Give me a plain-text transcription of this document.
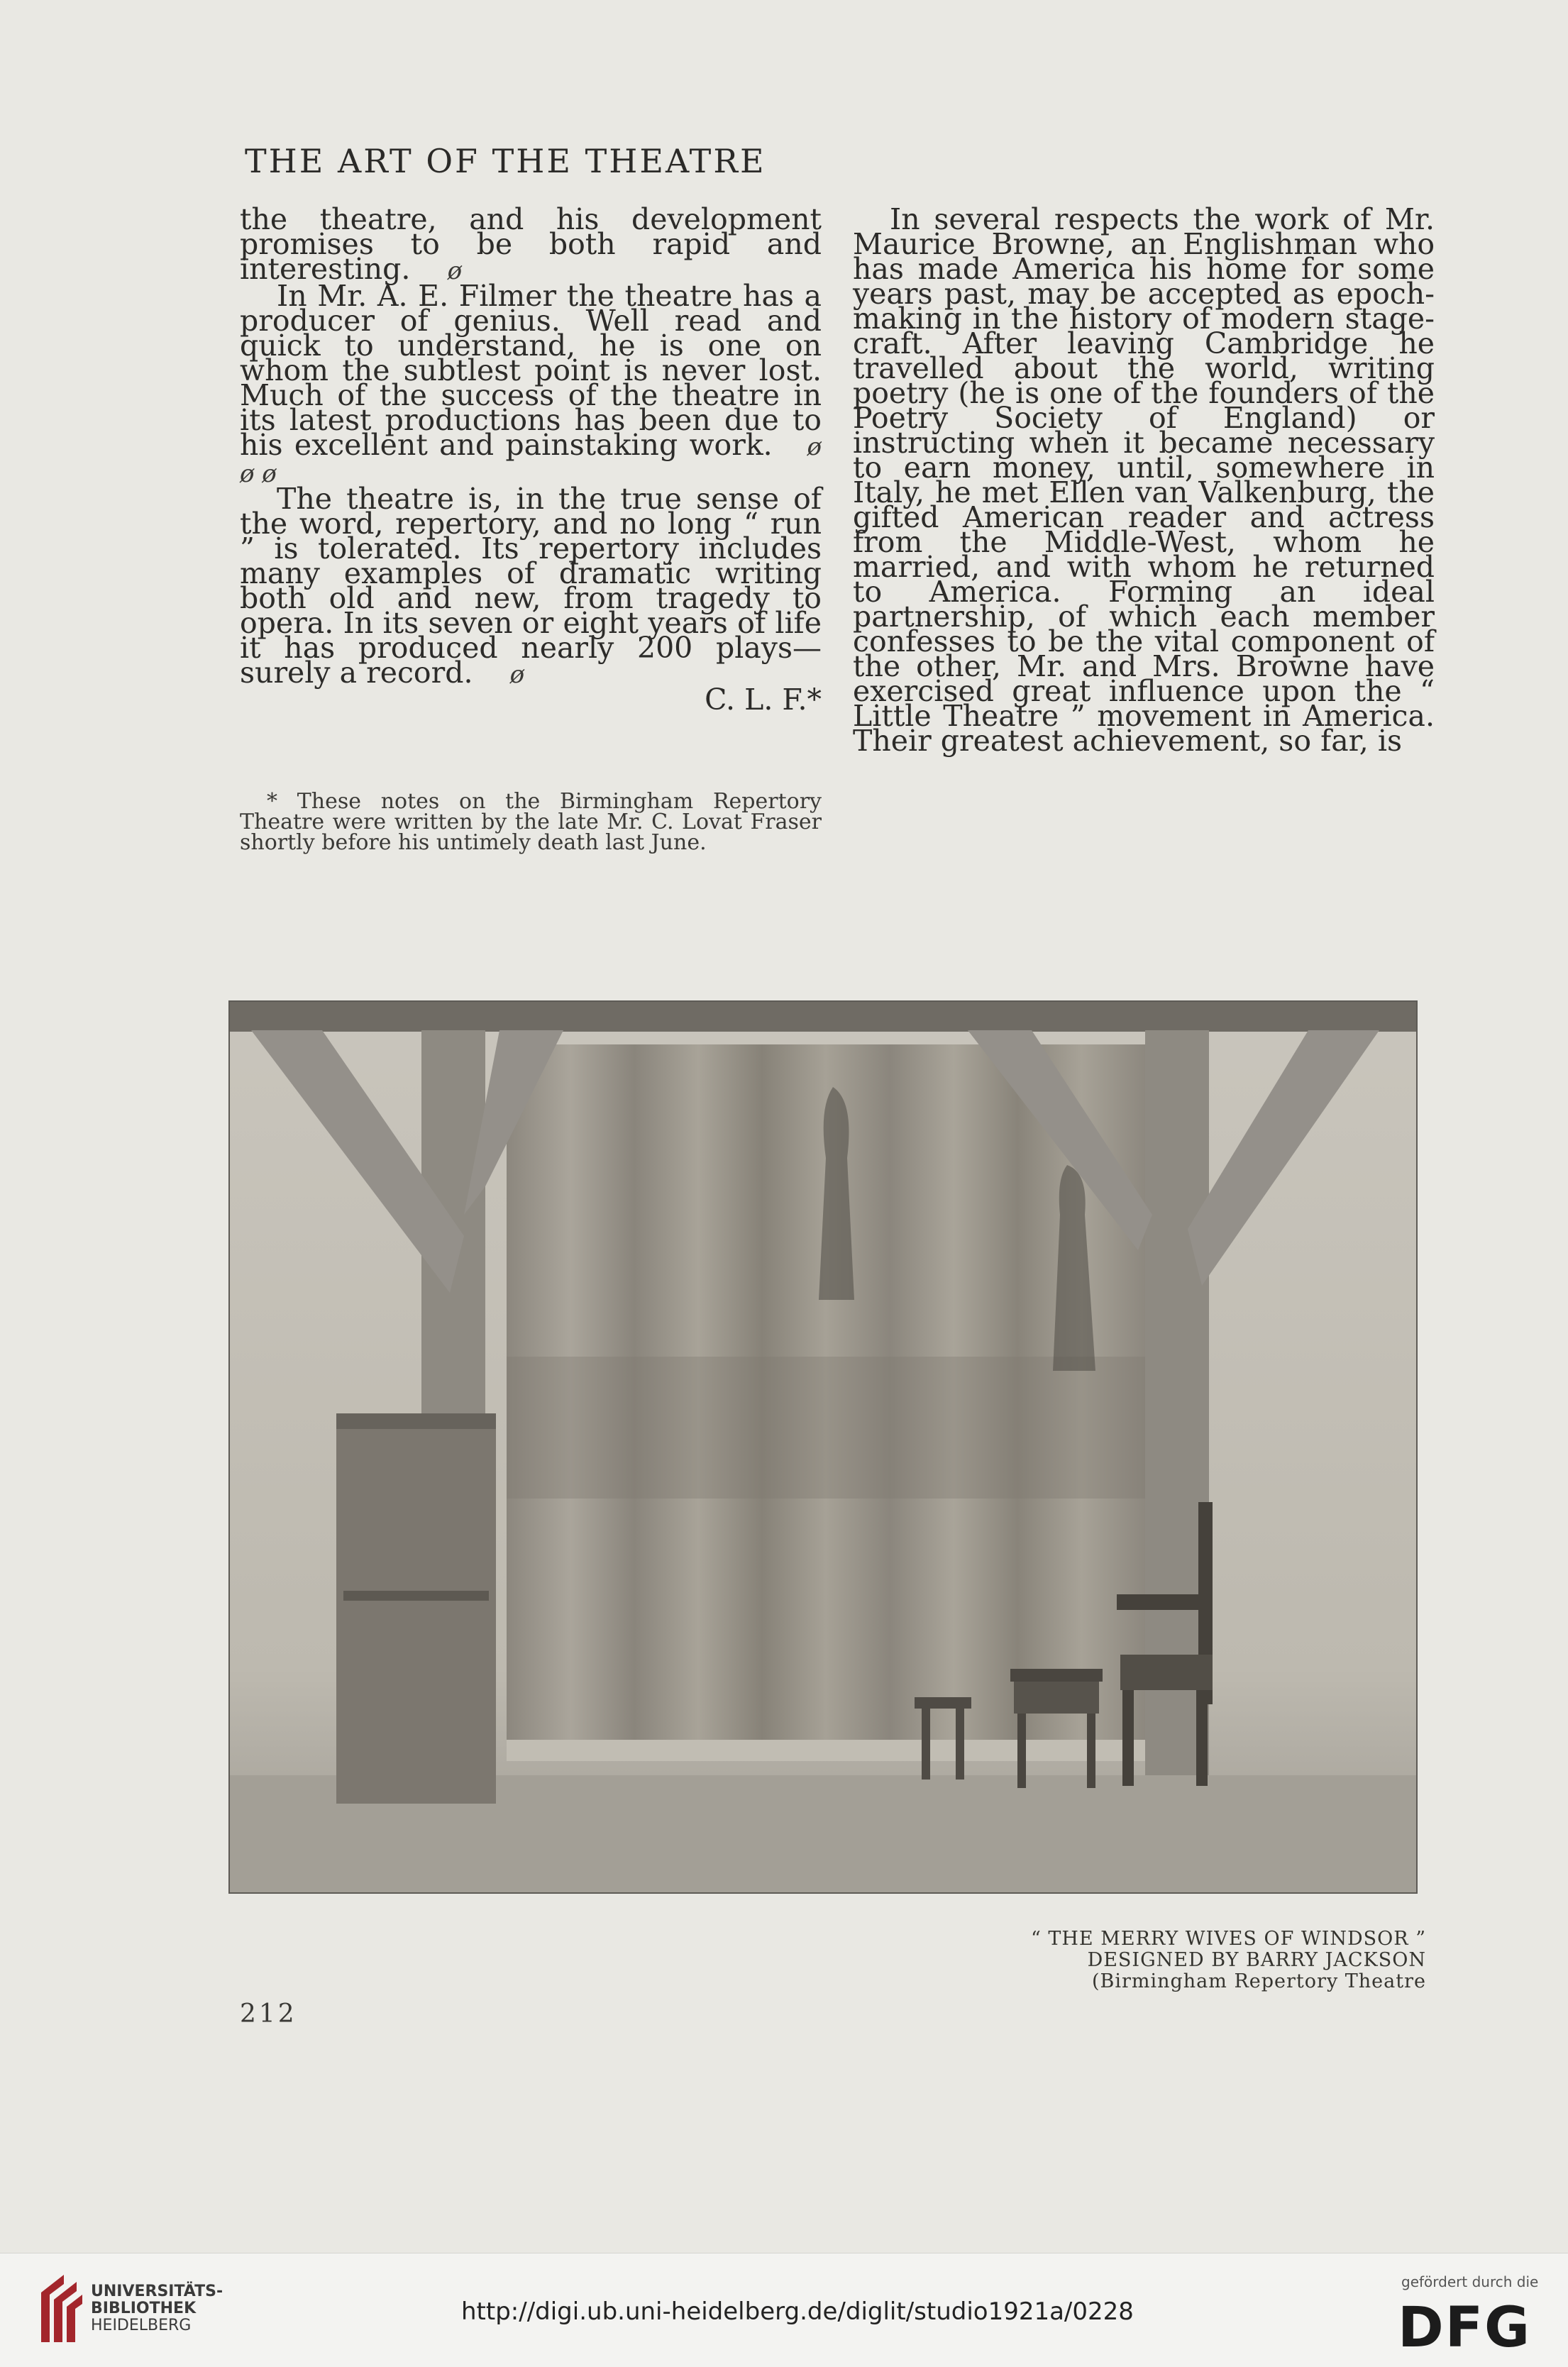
THE ART OF THE THEATRE

the theatre, and his development promises to be both rapid and interesting. ø

In Mr. A. E. Filmer the theatre has a producer of genius. Well read and quick to understand, he is one on whom the subtlest point is never lost. Much of the success of the theatre in its latest productions has been due to his excellent and painstaking work. ø ø ø

The theatre is, in the true sense of the word, repertory, and no long “ run ” is tolerated. Its repertory includes many examples of dramatic writing both old and new, from tragedy to opera. In its seven or eight years of life it has produced nearly 200 plays—surely a record. ø

C. L. F.*

* These notes on the Birmingham Repertory Theatre were written by the late Mr. C. Lovat Fraser shortly before his untimely death last June.

In several respects the work of Mr. Maurice Browne, an Englishman who has made America his home for some years past, may be accepted as epoch-making in the history of modern stage-craft. After leaving Cambridge he travelled about the world, writing poetry (he is one of the founders of the Poetry Society of England) or instructing when it became necessary to earn money, until, somewhere in Italy, he met Ellen van Valkenburg, the gifted American reader and actress from the Middle-West, whom he married, and with whom he returned to America. Forming an ideal partnership, of which each member confesses to be the vital component of the other, Mr. and Mrs. Browne have exercised great influence upon the “ Little Theatre ” movement in America. Their greatest achievement, so far, is

“ THE MERRY WIVES OF WINDSOR ”
DESIGNED BY BARRY JACKSON
(Birmingham Repertory Theatre
212
UNIVERSITÄTS-
BIBLIOTHEK
HEIDELBERG	http://digi.ub.uni-heidelberg.de/diglit/studio1921a/0228
gefördert durch die
DFG
